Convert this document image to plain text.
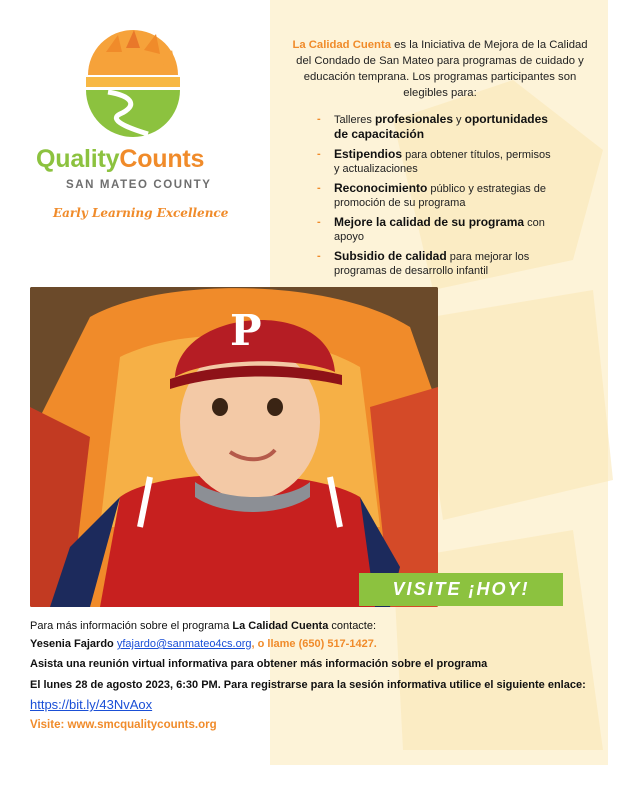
QualityCounts
SAN MATEO COUNTY
Early Learning Excellence
La Calidad Cuenta es la Iniciativa de Mejora de la Calidad del Condado de San Mateo para programas de cuidado y educación temprana. Los programas participantes son elegibles para:
- Talleres profesionales y oportunidades de capacitación
- Estipendios para obtener títulos, permisos y actualizaciones
- Reconocimiento público y estrategias de promoción de su programa
- Mejore la calidad de su programa con apoyo
- Subsidio de calidad para mejorar los programas de desarrollo infantil
P
VISITE ¡HOY!
Para más información sobre el programa La Calidad Cuenta contacte:
Yesenia Fajardo yfajardo@sanmateo4cs.org, o llame (650) 517-1427.
Asista una reunión virtual informativa para obtener más información sobre el programa
El lunes 28 de agosto 2023, 6:30 PM. Para registrarse para la sesión informativa utilice el siguiente enlace:
https://bit.ly/43NvAox
Visite: www.smcqualitycounts.org
